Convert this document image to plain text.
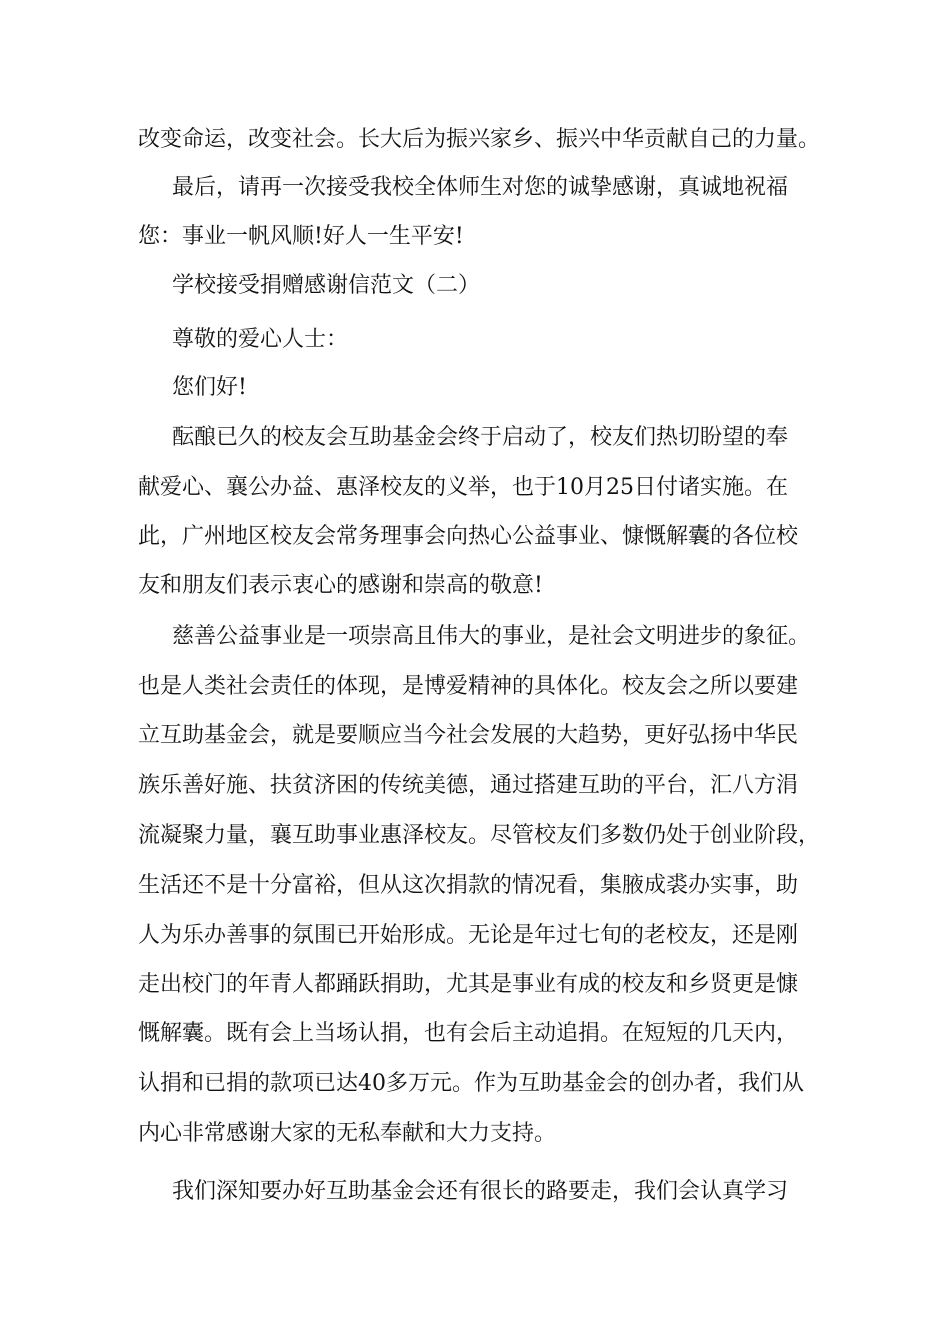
改变命运，改变社会。长大后为振兴家乡、振兴中华贡献自己的力量。
最后，请再一次接受我校全体师生对您的诚挚感谢，真诚地祝福
您：事业一帆风顺!好人一生平安!
学校接受捐赠感谢信范文（二）
尊敬的爱心人士：
您们好!
酝酿已久的校友会互助基金会终于启动了，校友们热切盼望的奉
献爱心、襄公办益、惠泽校友的义举，也于10月25日付诸实施。在
此，广州地区校友会常务理事会向热心公益事业、慷慨解囊的各位校
友和朋友们表示衷心的感谢和崇高的敬意!
慈善公益事业是一项崇高且伟大的事业，是社会文明进步的象征。
也是人类社会责任的体现，是博爱精神的具体化。校友会之所以要建
立互助基金会，就是要顺应当今社会发展的大趋势，更好弘扬中华民
族乐善好施、扶贫济困的传统美德，通过搭建互助的平台，汇八方涓
流凝聚力量，襄互助事业惠泽校友。尽管校友们多数仍处于创业阶段，
生活还不是十分富裕，但从这次捐款的情况看，集腋成裘办实事，助
人为乐办善事的氛围已开始形成。无论是年过七旬的老校友，还是刚
走出校门的年青人都踊跃捐助，尤其是事业有成的校友和乡贤更是慷
慨解囊。既有会上当场认捐，也有会后主动追捐。在短短的几天内，
认捐和已捐的款项已达40多万元。作为互助基金会的创办者，我们从
内心非常感谢大家的无私奉献和大力支持。
我们深知要办好互助基金会还有很长的路要走，我们会认真学习
